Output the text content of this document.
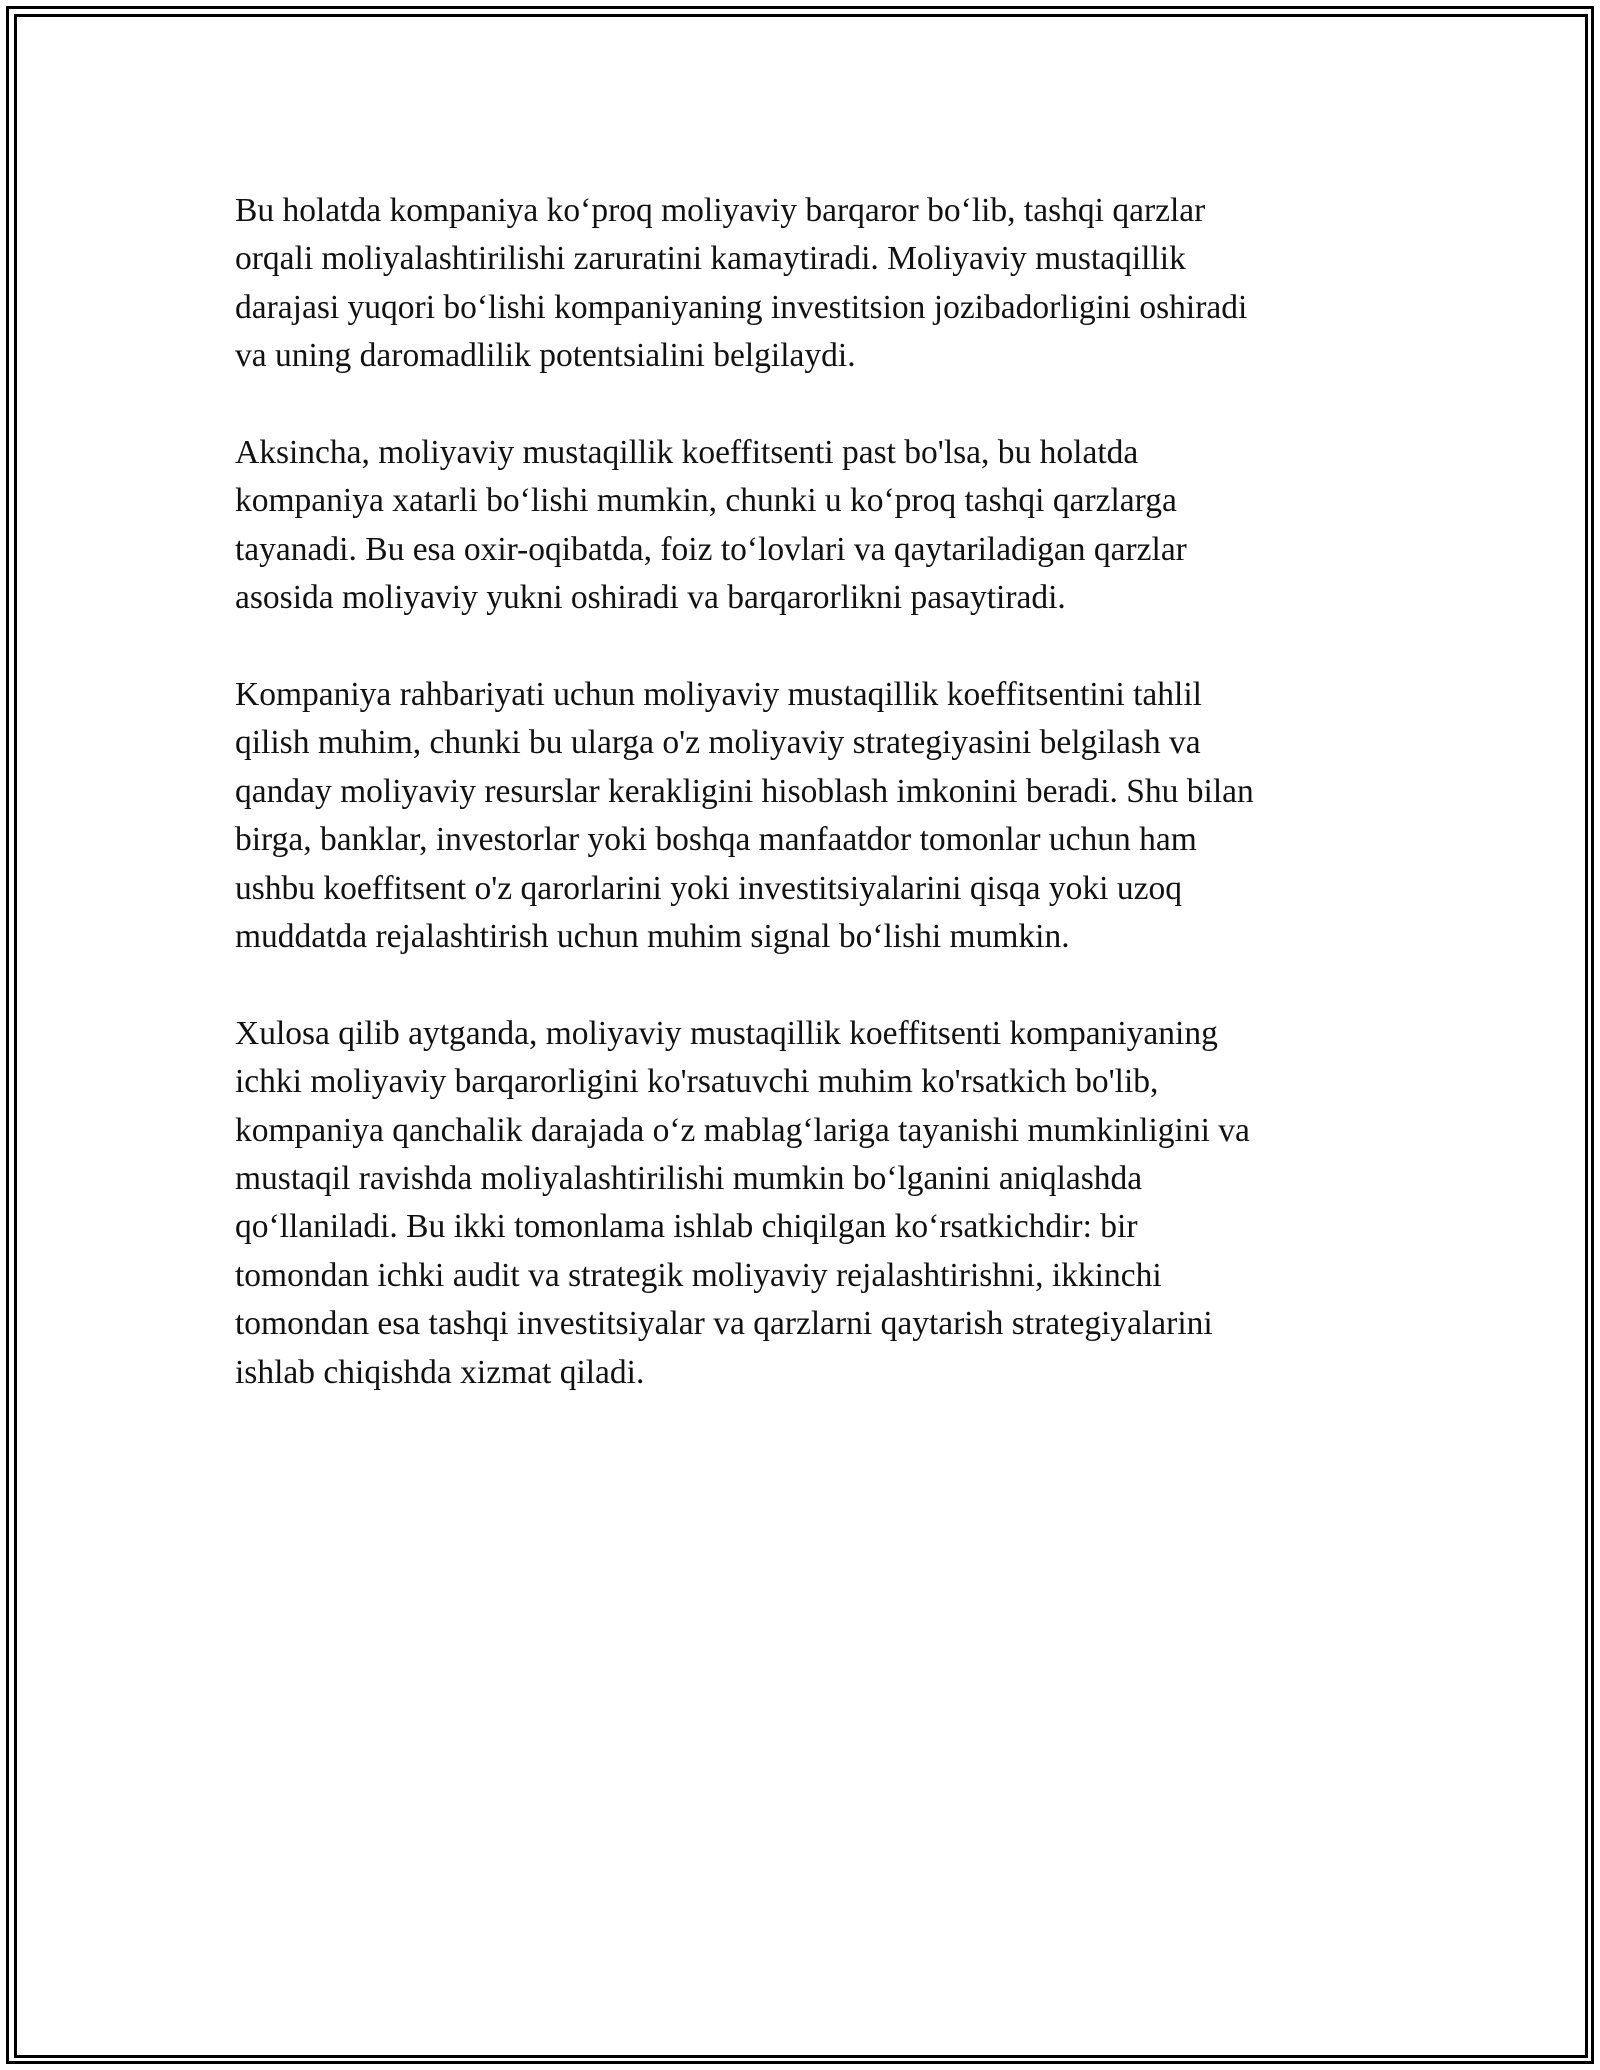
Bu holatda kompaniya ko‘proq moliyaviy barqaror bo‘lib, tashqi qarzlar
orqali moliyalashtirilishi zaruratini kamaytiradi. Moliyaviy mustaqillik
darajasi yuqori bo‘lishi kompaniyaning investitsion jozibadorligini oshiradi
va uning daromadlilik potentsialini belgilaydi.

Aksincha, moliyaviy mustaqillik koeffitsenti past bo'lsa, bu holatda
kompaniya xatarli bo‘lishi mumkin, chunki u ko‘proq tashqi qarzlarga
tayanadi. Bu esa oxir-oqibatda, foiz to‘lovlari va qaytariladigan qarzlar
asosida moliyaviy yukni oshiradi va barqarorlikni pasaytiradi.

Kompaniya rahbariyati uchun moliyaviy mustaqillik koeffitsentini tahlil
qilish muhim, chunki bu ularga o'z moliyaviy strategiyasini belgilash va
qanday moliyaviy resurslar kerakligini hisoblash imkonini beradi. Shu bilan
birga, banklar, investorlar yoki boshqa manfaatdor tomonlar uchun ham
ushbu koeffitsent o'z qarorlarini yoki investitsiyalarini qisqa yoki uzoq
muddatda rejalashtirish uchun muhim signal bo‘lishi mumkin.

Xulosa qilib aytganda, moliyaviy mustaqillik koeffitsenti kompaniyaning
ichki moliyaviy barqarorligini ko'rsatuvchi muhim ko'rsatkich bo'lib,
kompaniya qanchalik darajada o‘z mablag‘lariga tayanishi mumkinligini va
mustaqil ravishda moliyalashtirilishi mumkin bo‘lganini aniqlashda
qo‘llaniladi. Bu ikki tomonlama ishlab chiqilgan ko‘rsatkichdir: bir
tomondan ichki audit va strategik moliyaviy rejalashtirishni, ikkinchi
tomondan esa tashqi investitsiyalar va qarzlarni qaytarish strategiyalarini
ishlab chiqishda xizmat qiladi.
